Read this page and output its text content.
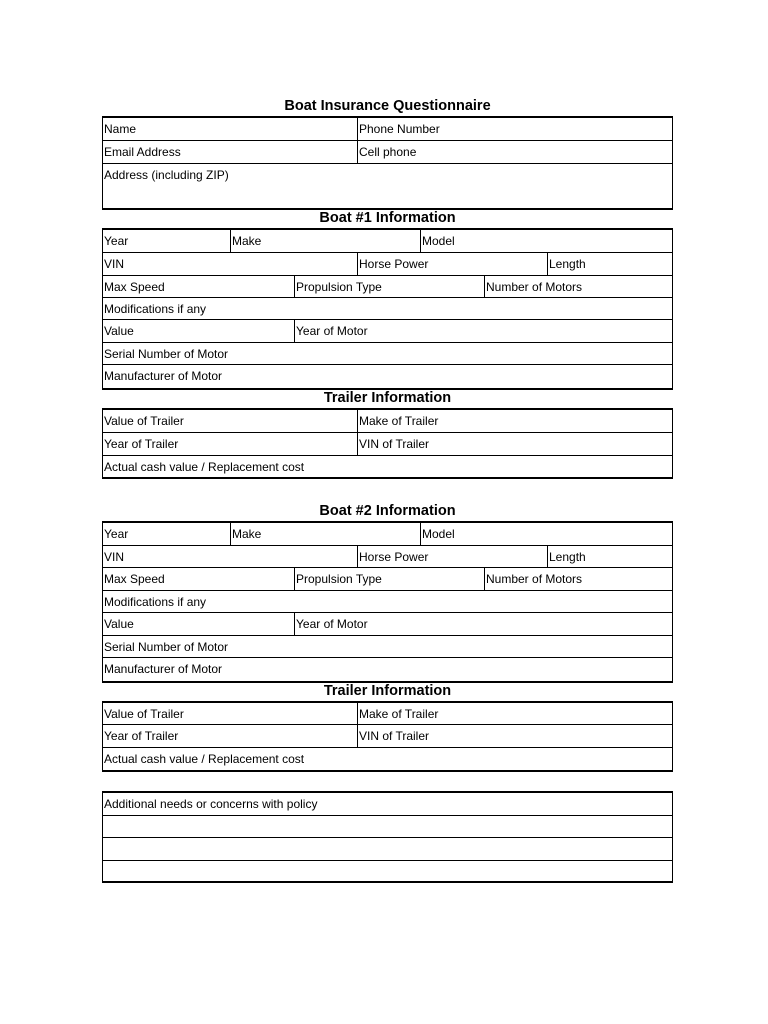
Boat Insurance Questionnaire
Name	Phone Number
Email Address	Cell phone
Address (including ZIP)
Boat #1 Information
Year	Make	Model
VIN	Horse Power	Length
Max Speed	Propulsion Type	Number of Motors
Modifications if any
Value	Year of Motor
Serial Number of Motor
Manufacturer of Motor
Trailer Information
Value of Trailer	Make of Trailer
Year of Trailer	VIN of Trailer
Actual cash value / Replacement cost
Boat #2 Information
Year	Make	Model
VIN	Horse Power	Length
Max Speed	Propulsion Type	Number of Motors
Modifications if any
Value	Year of Motor
Serial Number of Motor
Manufacturer of Motor
Trailer Information
Value of Trailer	Make of Trailer
Year of Trailer	VIN of Trailer
Actual cash value / Replacement cost
Additional needs or concerns with policy
